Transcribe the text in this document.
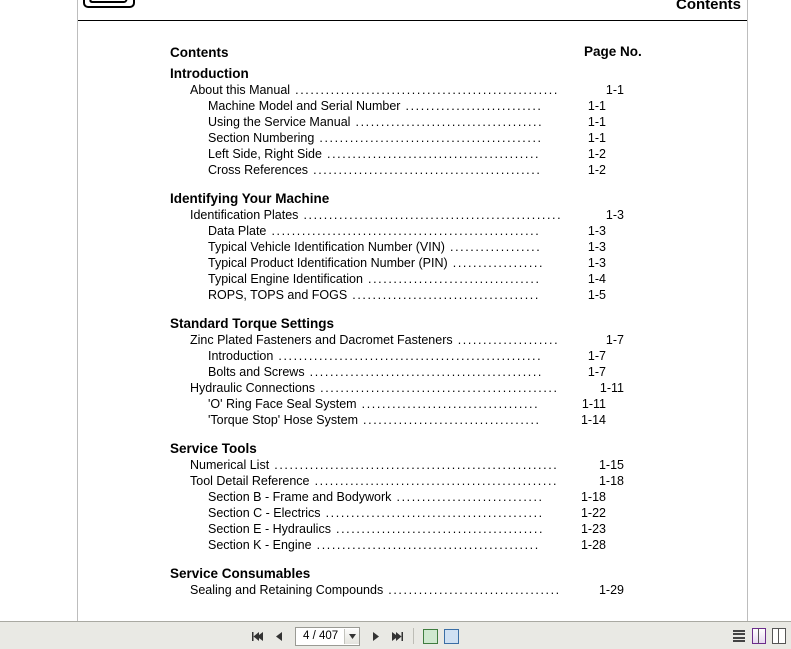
Contents
Contents	Page No.
Introduction
About this Manual ....................................................	1-1
Machine Model and Serial Number ...........................	1-1
Using the Service Manual .....................................	1-1
Section Numbering ............................................	1-1
Left Side, Right Side ..........................................	1-2
Cross References .............................................	1-2
Identifying Your Machine
Identification Plates ...................................................	1-3
Data Plate .....................................................	1-3
Typical Vehicle Identification Number (VIN) ..................	1-3
Typical Product Identification Number (PIN) ..................	1-3
Typical Engine Identification ..................................	1-4
ROPS, TOPS and FOGS .....................................	1-5
Standard Torque Settings
Zinc Plated Fasteners and Dacromet Fasteners ....................	1-7
Introduction ....................................................	1-7
Bolts and Screws ..............................................	1-7
Hydraulic Connections ...............................................	1-11
'O' Ring Face Seal System ...................................	1-11
'Torque Stop' Hose System ...................................	1-14
Service Tools
Numerical List ........................................................	1-15
Tool Detail Reference ................................................	1-18
Section B - Frame and Bodywork .............................	1-18
Section C - Electrics ...........................................	1-22
Section E - Hydraulics .........................................	1-23
Section K - Engine ............................................	1-28
Service Consumables
Sealing and Retaining Compounds ..................................	1-29
4 / 407
